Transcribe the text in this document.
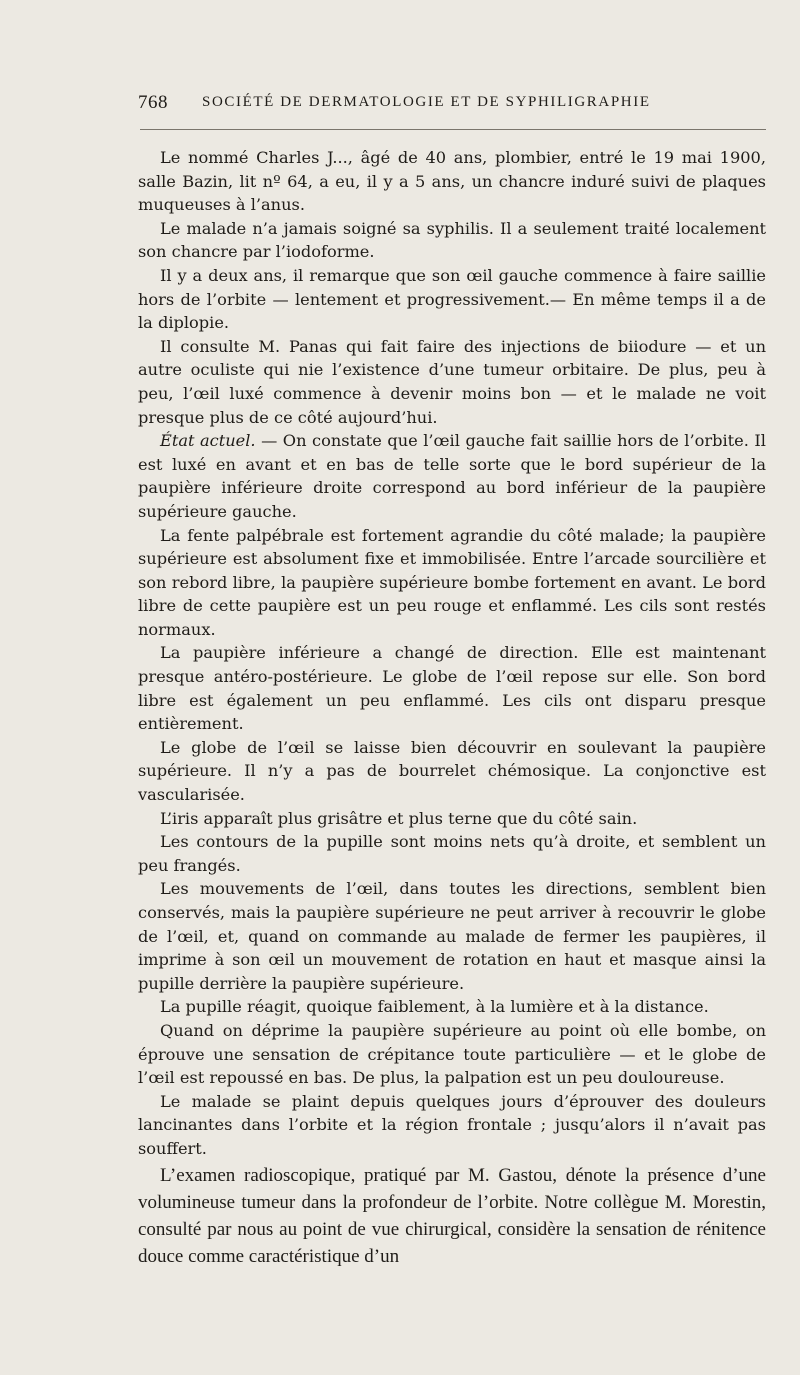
768 SOCIÉTÉ DE DERMATOLOGIE ET DE SYPHILIGRAPHIE

Le nommé Charles J..., âgé de 40 ans, plombier, entré le 19 mai 1900, salle Bazin, lit nº 64, a eu, il y a 5 ans, un chancre induré suivi de plaques muqueuses à l’anus.

Le malade n’a jamais soigné sa syphilis. Il a seulement traité localement son chancre par l’iodoforme.

Il y a deux ans, il remarque que son œil gauche commence à faire saillie hors de l’orbite — lentement et progressivement.— En même temps il a de la diplopie.

Il consulte M. Panas qui fait faire des injections de biiodure — et un autre oculiste qui nie l’existence d’une tumeur orbitaire. De plus, peu à peu, l’œil luxé commence à devenir moins bon — et le malade ne voit presque plus de ce côté aujourd’hui.

État actuel. — On constate que l’œil gauche fait saillie hors de l’orbite. Il est luxé en avant et en bas de telle sorte que le bord supérieur de la paupière inférieure droite correspond au bord inférieur de la paupière supérieure gauche.

La fente palpébrale est fortement agrandie du côté malade; la paupière supérieure est absolument fixe et immobilisée. Entre l’arcade sourcilière et son rebord libre, la paupière supérieure bombe fortement en avant. Le bord libre de cette paupière est un peu rouge et enflammé. Les cils sont restés normaux.

La paupière inférieure a changé de direction. Elle est maintenant presque antéro-postérieure. Le globe de l’œil repose sur elle. Son bord libre est également un peu enflammé. Les cils ont disparu presque entièrement.

Le globe de l’œil se laisse bien découvrir en soulevant la paupière supérieure. Il n’y a pas de bourrelet chémosique. La conjonctive est vascularisée.

L’iris apparaît plus grisâtre et plus terne que du côté sain.

Les contours de la pupille sont moins nets qu’à droite, et semblent un peu frangés.

Les mouvements de l’œil, dans toutes les directions, semblent bien conservés, mais la paupière supérieure ne peut arriver à recouvrir le globe de l’œil, et, quand on commande au malade de fermer les paupières, il imprime à son œil un mouvement de rotation en haut et masque ainsi la pupille derrière la paupière supérieure.

La pupille réagit, quoique faiblement, à la lumière et à la distance.

Quand on déprime la paupière supérieure au point où elle bombe, on éprouve une sensation de crépitance toute particulière — et le globe de l’œil est repoussé en bas. De plus, la palpation est un peu douloureuse.

Le malade se plaint depuis quelques jours d’éprouver des douleurs lancinantes dans l’orbite et la région frontale ; jusqu’alors il n’avait pas souffert.

L’examen radioscopique, pratiqué par M. Gastou, dénote la présence d’une volumineuse tumeur dans la profondeur de l’orbite. Notre collègue M. Morestin, consulté par nous au point de vue chirurgical, considère la sensation de rénitence douce comme caractéristique d’un
